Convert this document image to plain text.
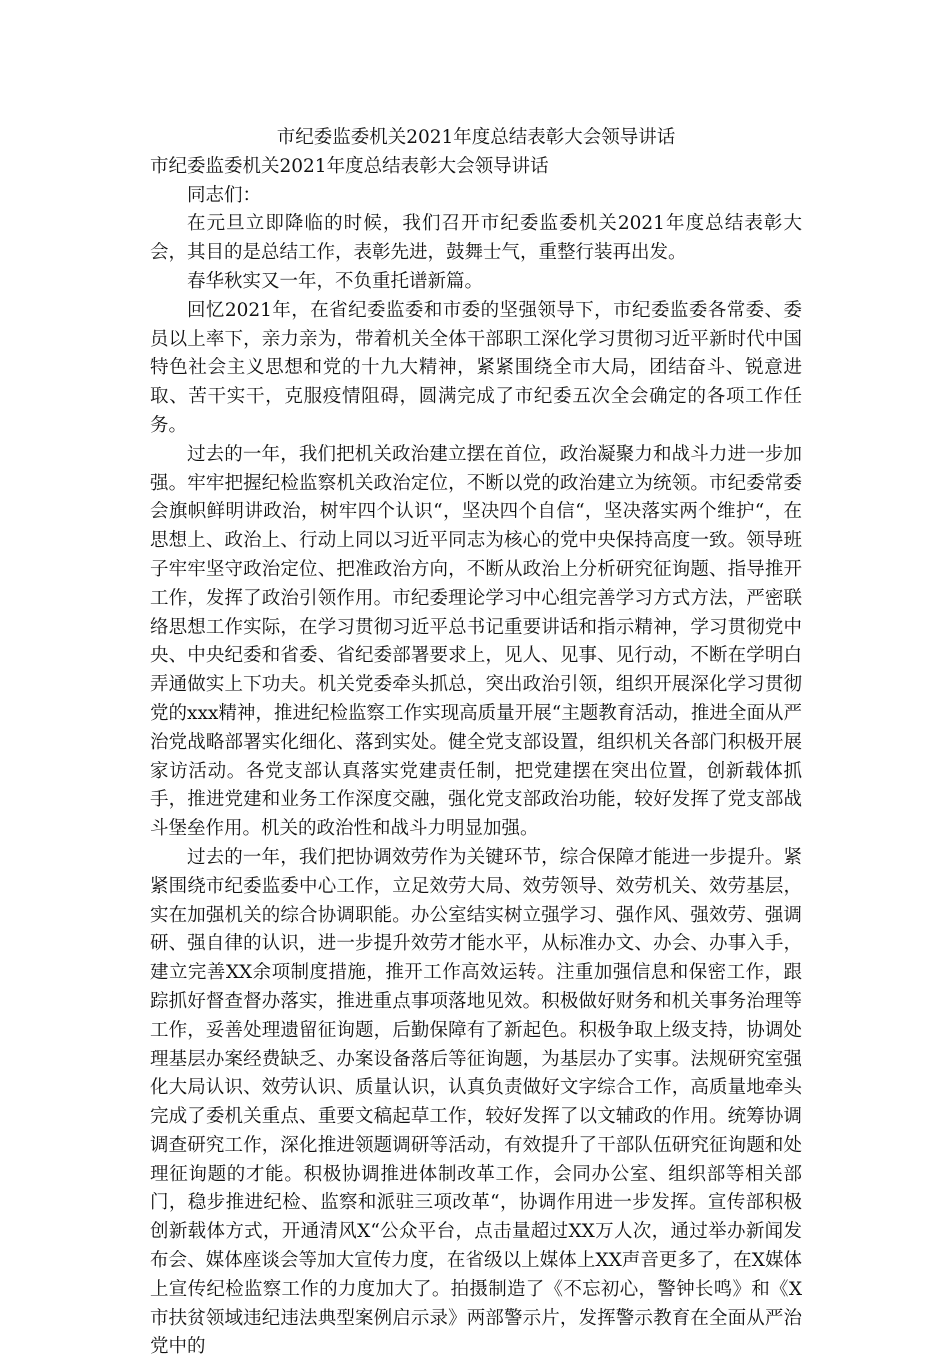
市纪委监委机关2021年度总结表彰大会领导讲话

市纪委监委机关2021年度总结表彰大会领导讲话

同志们：

在元旦立即降临的时候，我们召开市纪委监委机关2021年度总结表彰大会，其目的是总结工作，表彰先进，鼓舞士气，重整行装再出发。

春华秋实又一年，不负重托谱新篇。

回忆2021年，在省纪委监委和市委的坚强领导下，市纪委监委各常委、委员以上率下，亲力亲为，带着机关全体干部职工深化学习贯彻习近平新时代中国特色社会主义思想和党的十九大精神，紧紧围绕全市大局，团结奋斗、锐意进取、苦干实干，克服疫情阻碍，圆满完成了市纪委五次全会确定的各项工作任务。

过去的一年，我们把机关政治建立摆在首位，政治凝聚力和战斗力进一步加强。牢牢把握纪检监察机关政治定位，不断以党的政治建立为统领。市纪委常委会旗帜鲜明讲政治，树牢四个认识“，坚决四个自信“，坚决落实两个维护“，在思想上、政治上、行动上同以习近平同志为核心的党中央保持高度一致。领导班子牢牢坚守政治定位、把准政治方向，不断从政治上分析研究征询题、指导推开工作，发挥了政治引领作用。市纪委理论学习中心组完善学习方式方法，严密联络思想工作实际，在学习贯彻习近平总书记重要讲话和指示精神，学习贯彻党中央、中央纪委和省委、省纪委部署要求上，见人、见事、见行动，不断在学明白弄通做实上下功夫。机关党委牵头抓总，突出政治引领，组织开展深化学习贯彻党的xxx精神，推进纪检监察工作实现高质量开展“主题教育活动，推进全面从严治党战略部署实化细化、落到实处。健全党支部设置，组织机关各部门积极开展家访活动。各党支部认真落实党建责任制，把党建摆在突出位置，创新载体抓手，推进党建和业务工作深度交融，强化党支部政治功能，较好发挥了党支部战斗堡垒作用。机关的政治性和战斗力明显加强。

过去的一年，我们把协调效劳作为关键环节，综合保障才能进一步提升。紧紧围绕市纪委监委中心工作，立足效劳大局、效劳领导、效劳机关、效劳基层，实在加强机关的综合协调职能。办公室结实树立强学习、强作风、强效劳、强调研、强自律的认识，进一步提升效劳才能水平，从标准办文、办会、办事入手，建立完善XX余项制度措施，推开工作高效运转。注重加强信息和保密工作，跟踪抓好督查督办落实，推进重点事项落地见效。积极做好财务和机关事务治理等工作，妥善处理遗留征询题，后勤保障有了新起色。积极争取上级支持，协调处理基层办案经费缺乏、办案设备落后等征询题，为基层办了实事。法规研究室强化大局认识、效劳认识、质量认识，认真负责做好文字综合工作，高质量地牵头完成了委机关重点、重要文稿起草工作，较好发挥了以文辅政的作用。统筹协调调查研究工作，深化推进领题调研等活动，有效提升了干部队伍研究征询题和处理征询题的才能。积极协调推进体制改革工作，会同办公室、组织部等相关部门，稳步推进纪检、监察和派驻三项改革“，协调作用进一步发挥。宣传部积极创新载体方式，开通清风X“公众平台，点击量超过XX万人次，通过举办新闻发布会、媒体座谈会等加大宣传力度，在省级以上媒体上XX声音更多了，在X媒体上宣传纪检监察工作的力度加大了。拍摄制造了《不忘初心，警钟长鸣》和《X市扶贫领域违纪违法典型案例启示录》两部警示片，发挥警示教育在全面从严治党中的
